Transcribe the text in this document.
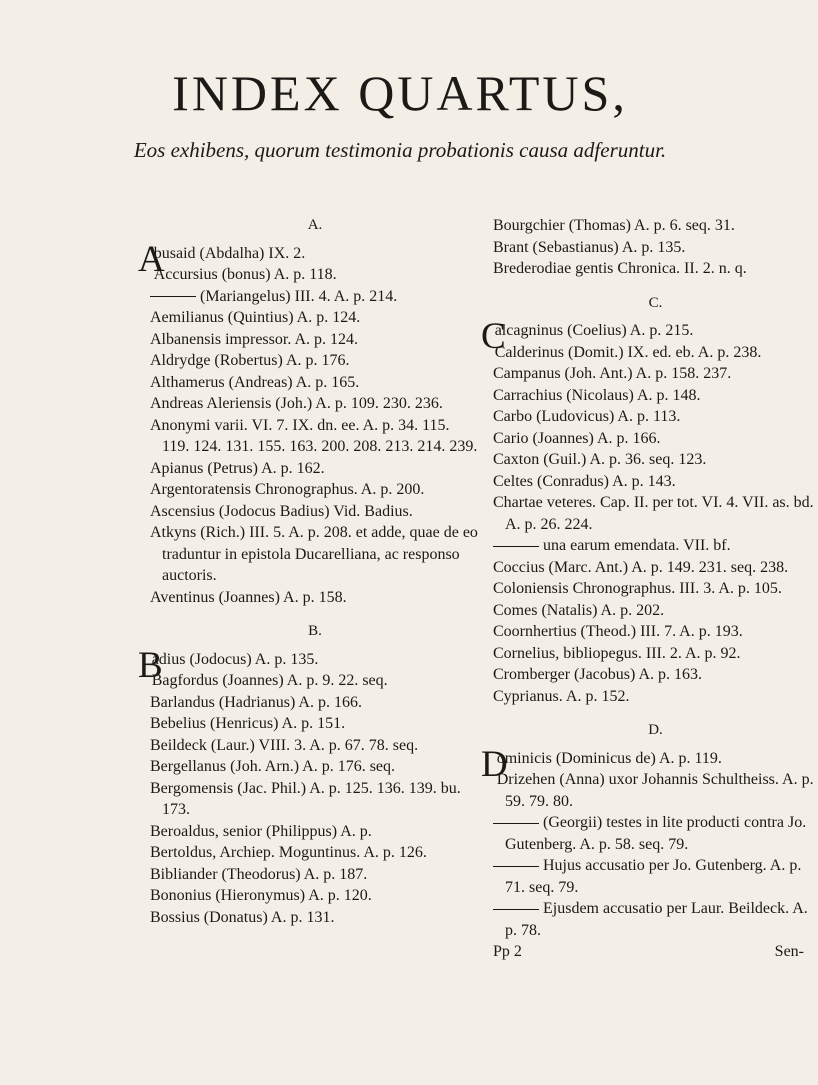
INDEX QUARTUS,
Eos exhibens, quorum testimonia probationis causa adferuntur.
A.

A
busaid (Abdalha) IX. 2.

Accursius (bonus) A. p. 118.

(Mariangelus) III. 4. A. p. 214.

Aemilianus (Quintius) A. p. 124.

Albanensis impressor. A. p. 124.

Aldrydge (Robertus) A. p. 176.

Althamerus (Andreas) A. p. 165.

Andreas Aleriensis (Joh.) A. p. 109. 230. 236.

Anonymi varii. VI. 7. IX. dn. ee. A. p. 34. 115. 119. 124. 131. 155. 163. 200. 208. 213. 214. 239.

Apianus (Petrus) A. p. 162.

Argentoratensis Chronographus. A. p. 200.

Ascensius (Jodocus Badius) Vid. Badius.

Atkyns (Rich.) III. 5. A. p. 208. et adde, quae de eo traduntur in epistola Ducarelliana, ac responso auctoris.

Aventinus (Joannes) A. p. 158.

B.

B
adius (Jodocus) A. p. 135.

Bagfordus (Joannes) A. p. 9. 22. seq.

Barlandus (Hadrianus) A. p. 166.

Bebelius (Henricus) A. p. 151.

Beildeck (Laur.) VIII. 3. A. p. 67. 78. seq.

Bergellanus (Joh. Arn.) A. p. 176. seq.

Bergomensis (Jac. Phil.) A. p. 125. 136. 139. bu. 173.

Beroaldus, senior (Philippus) A. p.

Bertoldus, Archiep. Moguntinus. A. p. 126.

Bibliander (Theodorus) A. p. 187.

Bononius (Hieronymus) A. p. 120.

Bossius (Donatus) A. p. 131.

Bourgchier (Thomas) A. p. 6. seq. 31.

Brant (Sebastianus) A. p. 135.

Brederodiae gentis Chronica. II. 2. n. q.

C.

C
alcagninus (Coelius) A. p. 215.

Calderinus (Domit.) IX. ed. eb. A. p. 238.

Campanus (Joh. Ant.) A. p. 158. 237.

Carrachius (Nicolaus) A. p. 148.

Carbo (Ludovicus) A. p. 113.

Cario (Joannes) A. p. 166.

Caxton (Guil.) A. p. 36. seq. 123.

Celtes (Conradus) A. p. 143.

Chartae veteres. Cap. II. per tot. VI. 4. VII. as. bd. A. p. 26. 224.

una earum emendata. VII. bf.

Coccius (Marc. Ant.) A. p. 149. 231. seq. 238.

Coloniensis Chronographus. III. 3. A. p. 105.

Comes (Natalis) A. p. 202.

Coornhertius (Theod.) III. 7. A. p. 193.

Cornelius, bibliopegus. III. 2. A. p. 92.

Cromberger (Jacobus) A. p. 163.

Cyprianus. A. p. 152.

D.

D
ominicis (Dominicus de) A. p. 119.

Drizehen (Anna) uxor Johannis Schultheiss. A. p. 59. 79. 80.

(Georgii) testes in lite producti contra Jo. Gutenberg. A. p. 58. seq. 79.

Hujus accusatio per Jo. Gutenberg. A. p. 71. seq. 79.

Ejusdem accusatio per Laur. Beildeck. A. p. 78.

Pp 2	Sen-
